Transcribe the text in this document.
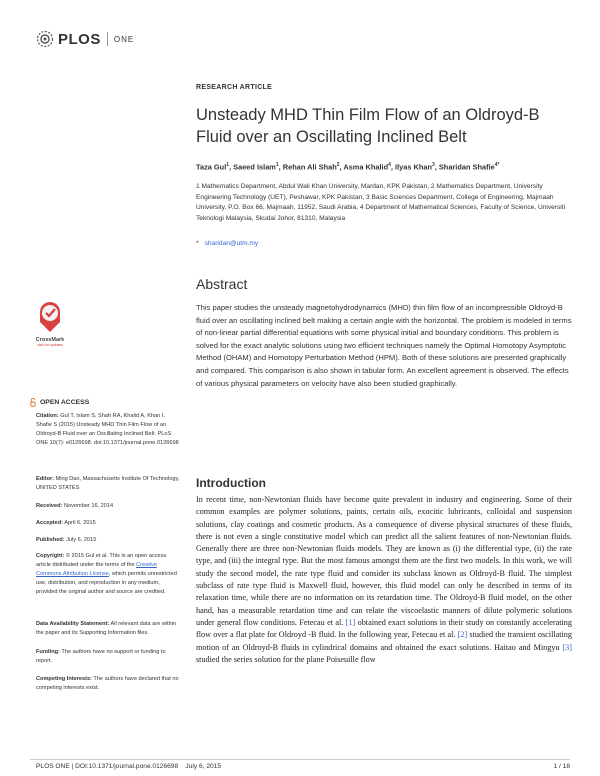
PLOS ONE
RESEARCH ARTICLE
Unsteady MHD Thin Film Flow of an Oldroyd-B Fluid over an Oscillating Inclined Belt
Taza Gul$^1$, Saeed Islam$^1$, Rehan Ali Shah$^2$, Asma Khalid$^4$, Ilyas Khan$^3$, Sharidan Shafie$^{4*}$
1 Mathematics Department, Abdul Wali Khan University, Mardan, KPK Pakistan, 2 Mathematics Department, University Engineering Technology (UET), Peshawar, KPK Pakistan, 3 Basic Sciences Department, College of Engineering, Majmaah University, P.O. Box 66, Majmaah, 11952, Saudi Arabia, 4 Department of Mathematical Sciences, Faculty of Science, Universiti Teknologi Malaysia, Skudai Johor, 81310, Malaysia
* sharidan@utm.my
Abstract
This paper studies the unsteady magnetohydrodynamics (MHD) thin film flow of an incompressible Oldroyd-B fluid over an oscillating inclined belt making a certain angle with the horizontal. The problem is modeled in terms of non-linear partial differential equations with some physical initial and boundary conditions. This problem is solved for the exact analytic solutions using two efficient techniques namely the Optimal Homotopy Asymptotic Method (OHAM) and Homotopy Perturbation Method (HPM). Both of these solutions are presented graphically and compared. This comparison is also shown in tabular form. An excellent agreement is observed. The effects of various physical parameters on velocity have also been studied graphically.
Introduction
In recent time, non-Newtonian fluids have become quite prevalent in industry and engineering. Some of their common examples are polymer solutions, paints, certain oils, exocitic lubricants, colloidal and suspension solutions, clay coatings and cosmetic products. As a consequence of diverse physical structures of these fluids, there is not even a single constitutive model which can predict all the salient features of non-Newtonian fluids. Generally there are three non-Newtonian fluids models. They are known as (i) the differential type, (ii) the rate type, and (iii) the integral type. But the most famous amongst them are the first two models. In this work, we will study the second model, the rate type fluid and consider its subclass known as Oldroyd-B fluid. The simplest subclass of rate type fluid is Maxwell fluid, however, this fluid model can only be described in terms of its relaxation time, while there are no information on its retardation time. The Oldroyd-B fluid model, on the other hand, has a measurable retardation time and can relate the viscoelastic manners of dilute polymeric solutions under general flow conditions. Fetecau et al. [1] obtained exact solutions in their study on constantly accelerating flow over a flat plate for Oldroyd -B fluid. In the following year, Fetecau et al. [2] studied the transient oscillating motion of an Oldroyd-B fluids in cylindrical domains and obtained the exact solutions. Haitao and Mingyu [3] studied the series solution for the plane Poiseuille flow
CrossMark
click for updates
OPEN ACCESS
Citation: Gul T, Islam S, Shah RA, Khalid A, Khan I, Shafie S (2015) Unsteady MHD Thin Film Flow of an Oldroyd-B Fluid over an Oscillating Inclined Belt. PLoS ONE 10(7): e0126698. doi:10.1371/journal.pone.0126698
Editor: Ming Dao, Massachusetts Institute Of Technology, UNITED STATES
Received: November 16, 2014
Accepted: April 6, 2015
Published: July 6, 2015
Copyright: © 2015 Gul et al. This is an open access article distributed under the terms of the Creative Commons Attribution License, which permits unrestricted use, distribution, and reproduction in any medium, provided the original author and source are credited.
Data Availability Statement: All relevant data are within the paper and its Supporting Information files.
Funding: The authors have no support or funding to report.
Competing Interests: The authors have declared that no competing interests exist.
PLOS ONE | DOI:10.1371/journal.pone.0126698    July 6, 2015	1 / 18
